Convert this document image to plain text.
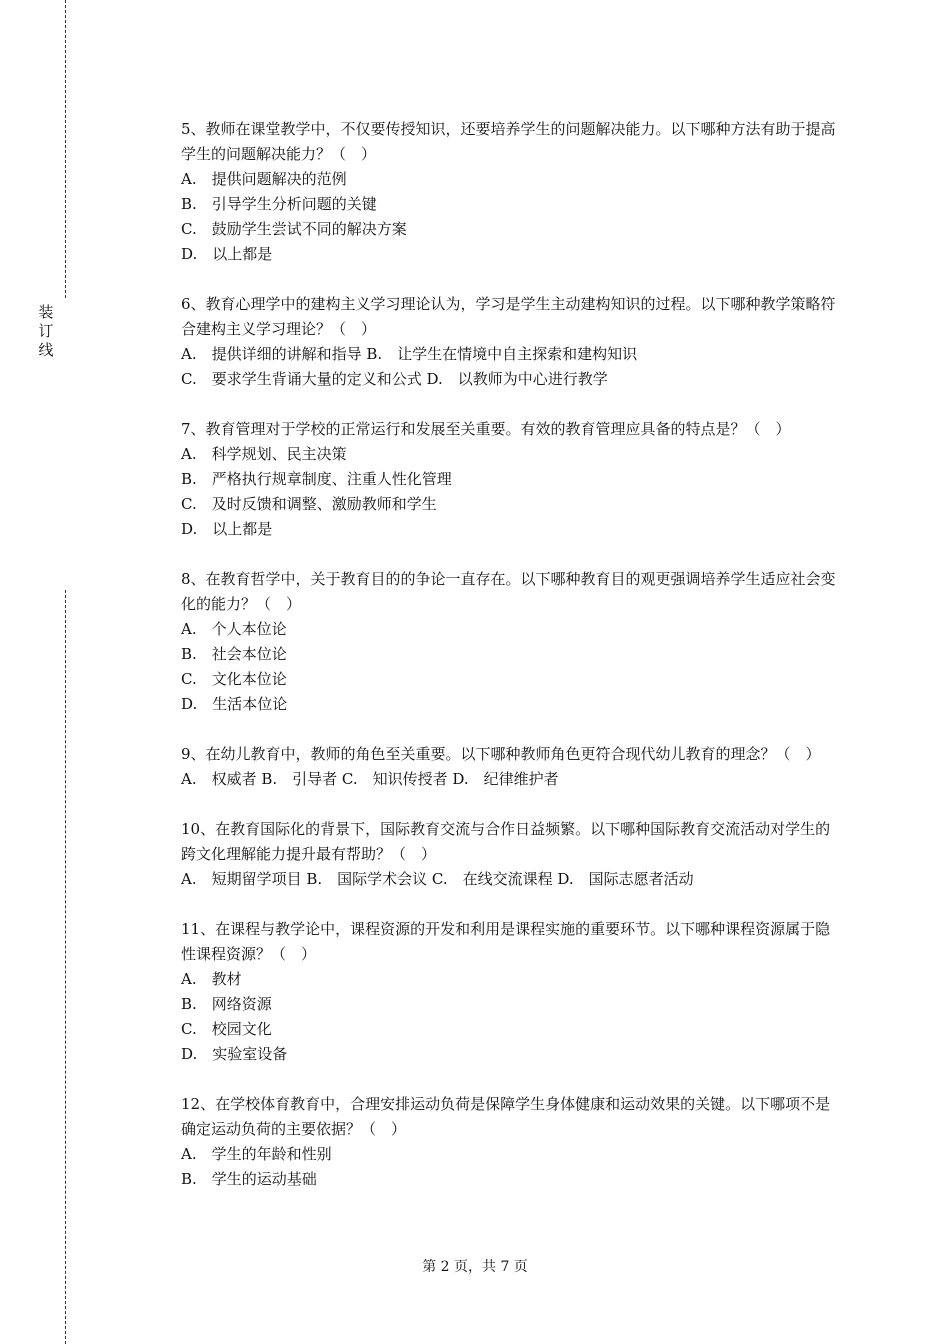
装
订
线

5、教师在课堂教学中，不仅要传授知识，还要培养学生的问题解决能力。以下哪种方法有助于提高学生的问题解决能力？（　）

A.　提供问题解决的范例

B.　引导学生分析问题的关键

C.　鼓励学生尝试不同的解决方案

D.　以上都是

6、教育心理学中的建构主义学习理论认为，学习是学生主动建构知识的过程。以下哪种教学策略符合建构主义学习理论？（　）

A.　提供详细的讲解和指导 B.　让学生在情境中自主探索和建构知识

C.　要求学生背诵大量的定义和公式 D.　以教师为中心进行教学

7、教育管理对于学校的正常运行和发展至关重要。有效的教育管理应具备的特点是？（　）

A.　科学规划、民主决策

B.　严格执行规章制度、注重人性化管理

C.　及时反馈和调整、激励教师和学生

D.　以上都是

8、在教育哲学中，关于教育目的的争论一直存在。以下哪种教育目的观更强调培养学生适应社会变化的能力？（　）

A.　个人本位论

B.　社会本位论

C.　文化本位论

D.　生活本位论

9、在幼儿教育中，教师的角色至关重要。以下哪种教师角色更符合现代幼儿教育的理念？（　）

A.　权威者 B.　引导者 C.　知识传授者 D.　纪律维护者

10、在教育国际化的背景下，国际教育交流与合作日益频繁。以下哪种国际教育交流活动对学生的跨文化理解能力提升最有帮助？（　）

A.　短期留学项目 B.　国际学术会议 C.　在线交流课程 D.　国际志愿者活动

11、在课程与教学论中，课程资源的开发和利用是课程实施的重要环节。以下哪种课程资源属于隐性课程资源？（　）

A.　教材

B.　网络资源

C.　校园文化

D.　实验室设备

12、在学校体育教育中，合理安排运动负荷是保障学生身体健康和运动效果的关键。以下哪项不是确定运动负荷的主要依据？（　）

A.　学生的年龄和性别

B.　学生的运动基础

第 2 页，共 7 页
